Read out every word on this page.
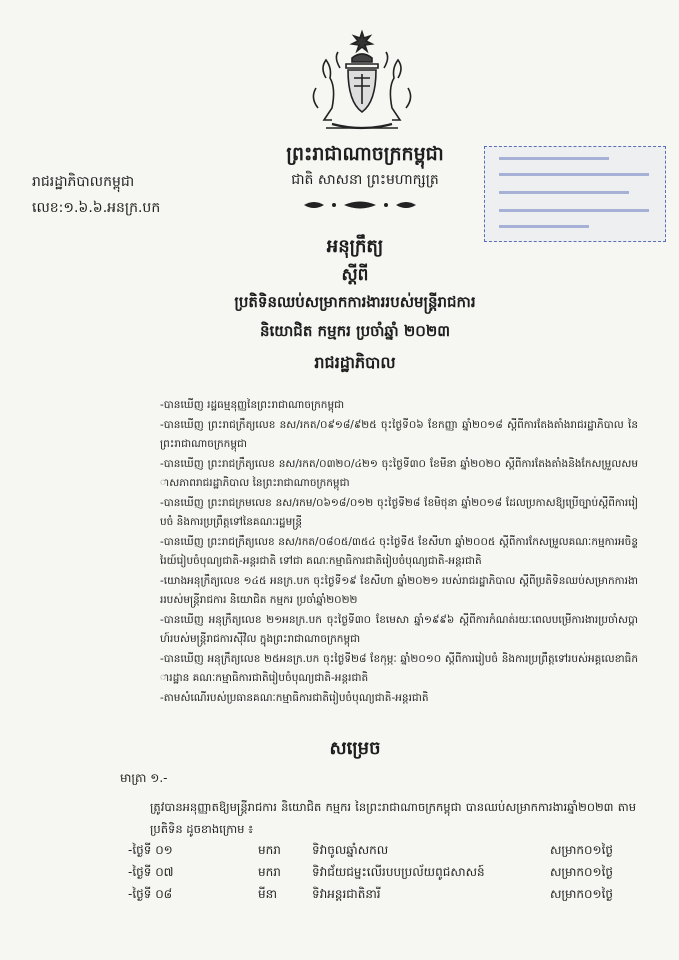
ព្រះរាជាណាចក្រកម្ពុជា
ជាតិ សាសនា ព្រះមហាក្សត្រ
រាជរដ្ឋាភិបាលកម្ពុជា
លេខ:១.៦.៦.អនក្រ.បក
អនុក្រឹត្យ
ស្តីពី
ប្រតិទិនឈប់សម្រាកការងាររបស់មន្ត្រីរាជការ
និយោជិត កម្មករ ប្រចាំឆ្នាំ ២០២៣
រាជរដ្ឋាភិបាល

-បានឃើញ រដ្ឋធម្មនុញ្ញនៃព្រះរាជាណាចក្រកម្ពុជា

-បានឃើញ ព្រះរាជក្រឹត្យលេខ នស/រកត/០៩១៨/៩២៥ ចុះថ្ងៃទី០៦ ខែកញ្ញា ឆ្នាំ២០១៨ ស្តីពីការតែងតាំងរាជរដ្ឋាភិបាល នៃព្រះរាជាណាចក្រកម្ពុជា

-បានឃើញ ព្រះរាជក្រឹត្យលេខ នស/រកត/០៣២០/៤២១ ចុះថ្ងៃទី៣០ ខែមីនា ឆ្នាំ២០២០ ស្តីពីការតែងតាំងនិងកែសម្រួលសមាសភាពរាជរដ្ឋាភិបាល នៃព្រះរាជាណាចក្រកម្ពុជា

-បានឃើញ ព្រះរាជក្រមលេខ នស/រកម/០៦១៨/០១២ ចុះថ្ងៃទី២៨ ខែមិថុនា ឆ្នាំ២០១៨ ដែលប្រកាសឱ្យប្រើច្បាប់ស្តីពីការរៀបចំ និងការប្រព្រឹត្តទៅនៃគណៈរដ្ឋមន្ត្រី

-បានឃើញ ព្រះរាជក្រឹត្យលេខ នស/រកត/០៨០៥/៣៥៤ ចុះថ្ងៃទី៥ ខែសីហា ឆ្នាំ២០០៥ ស្តីពីការកែសម្រួលគណៈកម្មការអចិន្ត្រៃយ៍រៀបចំបុណ្យជាតិ-អន្តរជាតិ ទៅជា គណៈកម្មាធិការជាតិរៀបចំបុណ្យជាតិ-អន្តរជាតិ

-យោងអនុក្រឹត្យលេខ ១៤៥ អនក្រ.បក ចុះថ្ងៃទី១៩ ខែសីហា ឆ្នាំ២០២១ របស់រាជរដ្ឋាភិបាល ស្តីពីប្រតិទិនឈប់សម្រាកការងាររបស់មន្ត្រីរាជការ និយោជិត កម្មករ ប្រចាំឆ្នាំ២០២២

-បានឃើញ អនុក្រឹត្យលេខ ២១អនក្រ.បក ចុះថ្ងៃទី៣០ ខែមេសា ឆ្នាំ១៩៩៦ ស្តីពីការកំណត់រយៈពេលបម្រើការងារប្រចាំសប្តាហ៍របស់មន្ត្រីរាជការស៊ីវិល ក្នុងព្រះរាជាណាចក្រកម្ពុជា

-បានឃើញ អនុក្រឹត្យលេខ ២៥អនក្រ.បក ចុះថ្ងៃទី២៨ ខែកុម្ភៈ ឆ្នាំ២០១០ ស្តីពីការរៀបចំ និងការប្រព្រឹត្តទៅរបស់អគ្គលេខាធិការដ្ឋាន គណៈកម្មាធិការជាតិរៀបចំបុណ្យជាតិ-អន្តរជាតិ

-តាមសំណើរបស់ប្រធានគណៈកម្មាធិការជាតិរៀបចំបុណ្យជាតិ-អន្តរជាតិ

សម្រេច
មាត្រា ១.-
ត្រូវបានអនុញ្ញាតឱ្យមន្ត្រីរាជការ និយោជិត កម្មករ នៃព្រះរាជាណាចក្រកម្ពុជា បានឈប់សម្រាកការងារឆ្នាំ២០២៣ តាមប្រតិទិន ដូចខាងក្រោម ៖
-ថ្ងៃទី ០១	មករា	ទិវាចូលឆ្នាំសកល	សម្រាក០១ថ្ងៃ
-ថ្ងៃទី ០៧	មករា	ទិវាជ័យជម្នះលើរបបប្រល័យពូជសាសន៍	សម្រាក០១ថ្ងៃ
-ថ្ងៃទី ០៨	មីនា	ទិវាអន្តរជាតិនារី	សម្រាក០១ថ្ងៃ
